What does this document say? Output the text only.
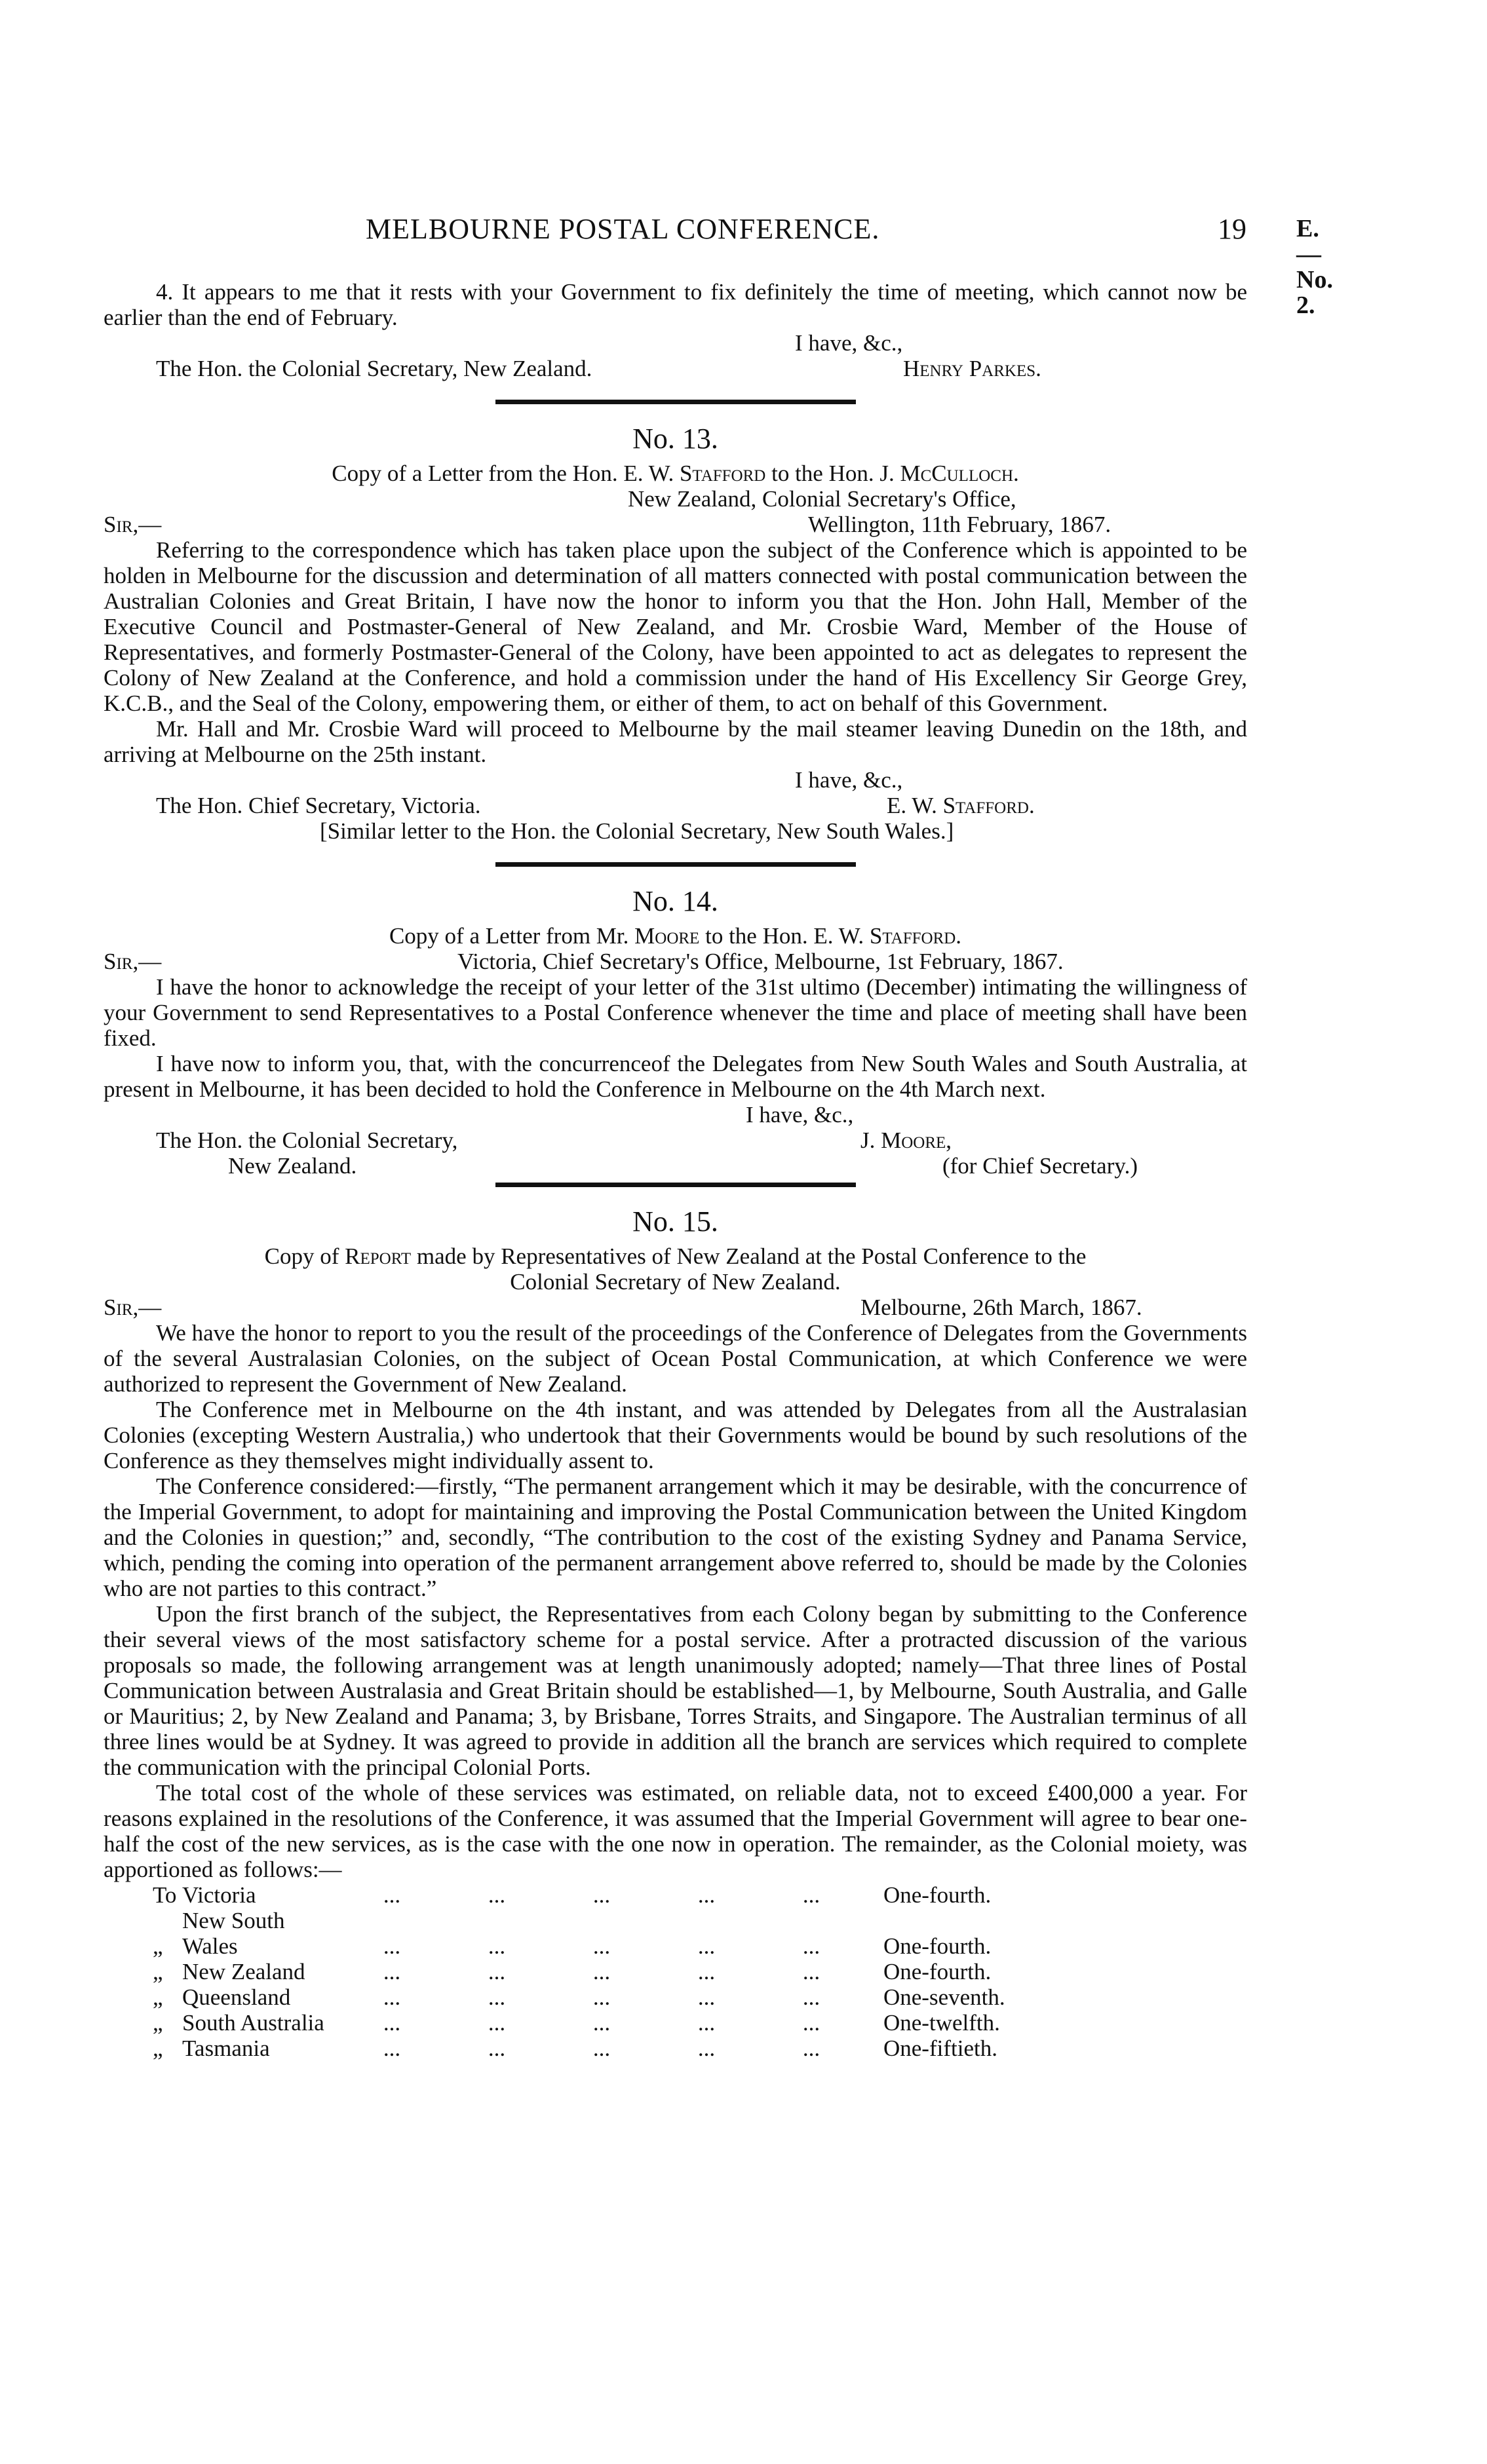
MELBOURNE POSTAL CONFERENCE.	19 E.—No. 2.

4. It appears to me that it rests with your Government to fix definitely the time of meeting, which cannot now be earlier than the end of February.

I have, &c.,
The Hon. the Colonial Secretary, New Zealand.	Henry Parkes.
No. 13.
Copy of a Letter from the Hon. E. W. Stafford to the Hon. J. McCulloch.
New Zealand, Colonial Secretary's Office,
Sir,—	Wellington, 11th February, 1867.

Referring to the correspondence which has taken place upon the subject of the Conference which is appointed to be holden in Melbourne for the discussion and determination of all matters connected with postal communication between the Australian Colonies and Great Britain, I have now the honor to inform you that the Hon. John Hall, Member of the Executive Council and Postmaster-General of New Zealand, and Mr. Crosbie Ward, Member of the House of Representatives, and formerly Postmaster-General of the Colony, have been appointed to act as delegates to represent the Colony of New Zealand at the Conference, and hold a commission under the hand of His Excellency Sir George Grey, K.C.B., and the Seal of the Colony, empowering them, or either of them, to act on behalf of this Government.

Mr. Hall and Mr. Crosbie Ward will proceed to Melbourne by the mail steamer leaving Dunedin on the 18th, and arriving at Melbourne on the 25th instant.

I have, &c.,
The Hon. Chief Secretary, Victoria.	E. W. Stafford.
[Similar letter to the Hon. the Colonial Secretary, New South Wales.]
No. 14.
Copy of a Letter from Mr. Moore to the Hon. E. W. Stafford.
Sir,—	Victoria, Chief Secretary's Office, Melbourne, 1st February, 1867.

I have the honor to acknowledge the receipt of your letter of the 31st ultimo (December) intimating the willingness of your Government to send Representatives to a Postal Conference whenever the time and place of meeting shall have been fixed.

I have now to inform you, that, with the concurrenceof the Delegates from New South Wales and South Australia, at present in Melbourne, it has been decided to hold the Conference in Melbourne on the 4th March next.

I have, &c.,
The Hon. the Colonial Secretary,	J. Moore,
New Zealand.	(for Chief Secretary.)
No. 15.
Copy of Report made by Representatives of New Zealand at the Postal Conference to the
Colonial Secretary of New Zealand.
Sir,—	Melbourne, 26th March, 1867.

We have the honor to report to you the result of the proceedings of the Conference of Delegates from the Governments of the several Australasian Colonies, on the subject of Ocean Postal Communication, at which Conference we were authorized to represent the Government of New Zealand.

The Conference met in Melbourne on the 4th instant, and was attended by Delegates from all the Australasian Colonies (excepting Western Australia,) who undertook that their Governments would be bound by such resolutions of the Conference as they themselves might individually assent to.

The Conference considered:—firstly, “The permanent arrangement which it may be desirable, with the concurrence of the Imperial Government, to adopt for maintaining and improving the Postal Communication between the United Kingdom and the Colonies in question;” and, secondly, “The contribution to the cost of the existing Sydney and Panama Service, which, pending the coming into operation of the permanent arrangement above referred to, should be made by the Colonies who are not parties to this contract.”

Upon the first branch of the subject, the Representatives from each Colony began by submitting to the Conference their several views of the most satisfactory scheme for a postal service. After a protracted discussion of the various proposals so made, the following arrangement was at length unanimously adopted; namely—That three lines of Postal Communication between Australasia and Great Britain should be established—1, by Melbourne, South Australia, and Galle or Mauritius; 2, by New Zealand and Panama; 3, by Brisbane, Torres Straits, and Singapore. The Australian terminus of all three lines would be at Sydney. It was agreed to provide in addition all the branch are services which required to complete the communication with the principal Colonial Ports.

The total cost of the whole of these services was estimated, on reliable data, not to exceed £400,000 a year. For reasons explained in the resolutions of the Conference, it was assumed that the Imperial Government will agree to bear one-half the cost of the new services, as is the case with the one now in operation. The remainder, as the Colonial moiety, was apportioned as follows:—

To	Victoria	...	...	...	...	...	One-fourth.
„	New South Wales	...	...	...	...	...	One-fourth.
„	New Zealand	...	...	...	...	...	One-fourth.
„	Queensland	...	...	...	...	...	One-seventh.
„	South Australia	...	...	...	...	...	One-twelfth.
„	Tasmania	...	...	...	...	...	One-fiftieth.
